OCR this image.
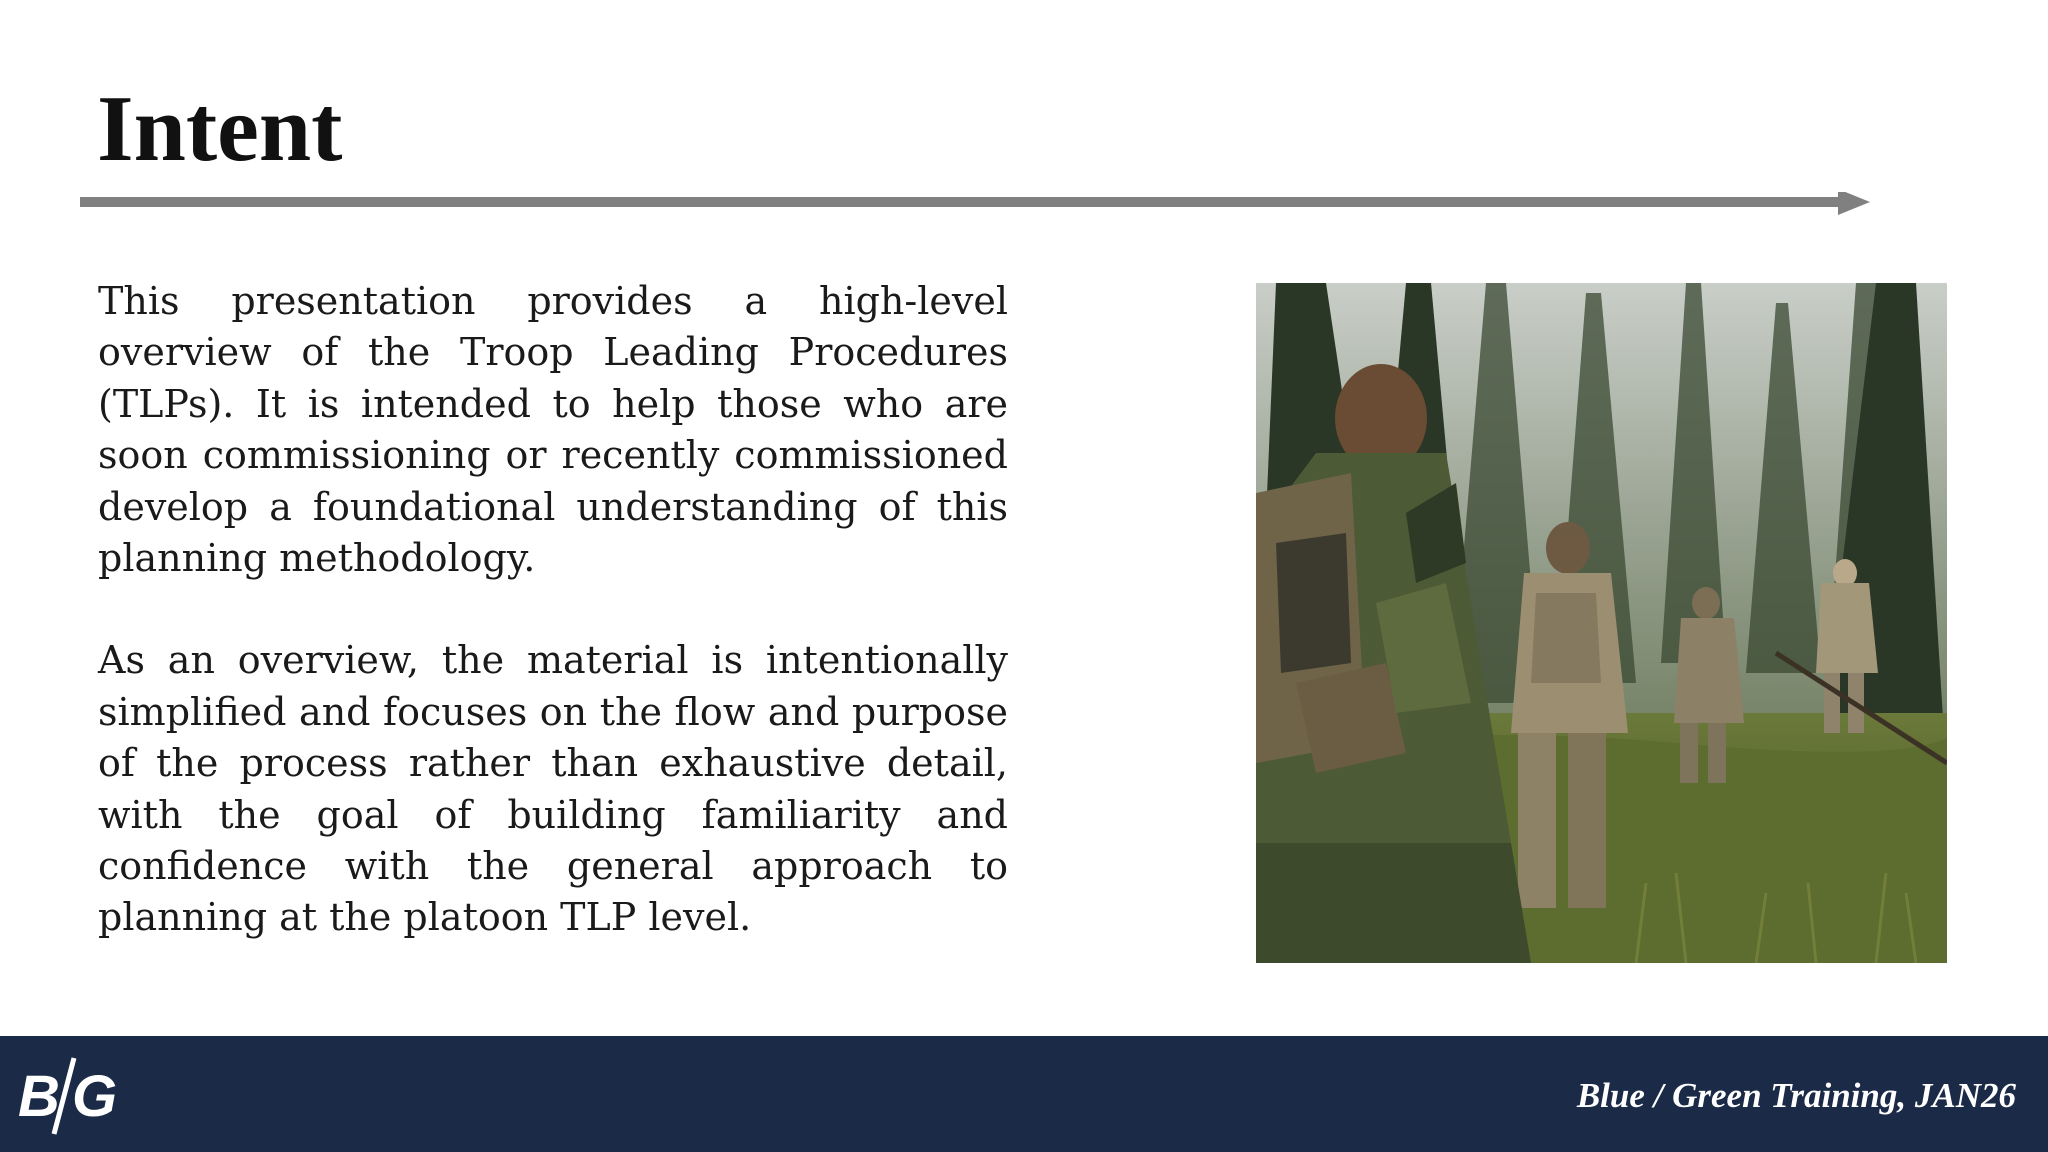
Intent

This presentation provides a high-level overview of the Troop Leading Procedures (TLPs). It is intended to help those who are soon commissioning or recently commissioned develop a foundational understanding of this planning methodology.

As an overview, the material is intentionally simplified and focuses on the flow and purpose of the process rather than exhaustive detail, with the goal of building familiarity and confidence with the general approach to planning at the platoon TLP level.

B G	Blue / Green Training, JAN26
